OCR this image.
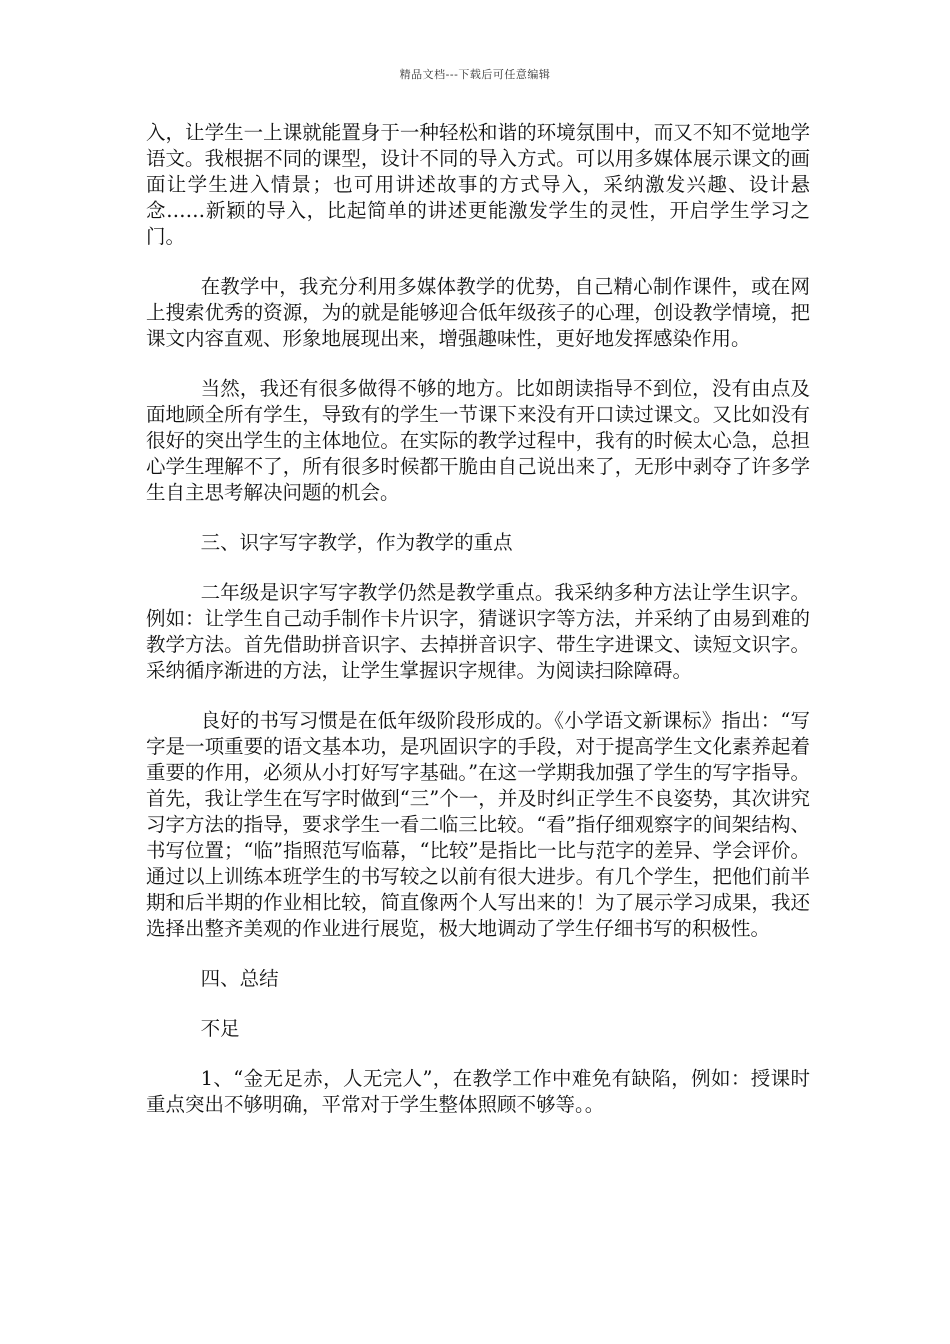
精品文档---下载后可任意编辑

入，让学生一上课就能置身于一种轻松和谐的环境氛围中，而又不知不觉地学语文。我根据不同的课型，设计不同的导入方式。可以用多媒体展示课文的画面让学生进入情景；也可用讲述故事的方式导入，采纳激发兴趣、设计悬念……新颖的导入，比起简单的讲述更能激发学生的灵性，开启学生学习之门。

在教学中，我充分利用多媒体教学的优势，自己精心制作课件，或在网上搜索优秀的资源，为的就是能够迎合低年级孩子的心理，创设教学情境，把课文内容直观、形象地展现出来，增强趣味性，更好地发挥感染作用。

当然，我还有很多做得不够的地方。比如朗读指导不到位，没有由点及面地顾全所有学生，导致有的学生一节课下来没有开口读过课文。又比如没有很好的突出学生的主体地位。在实际的教学过程中，我有的时候太心急，总担心学生理解不了，所有很多时候都干脆由自己说出来了，无形中剥夺了许多学生自主思考解决问题的机会。

三、识字写字教学，作为教学的重点

二年级是识字写字教学仍然是教学重点。我采纳多种方法让学生识字。例如：让学生自己动手制作卡片识字，猜谜识字等方法，并采纳了由易到难的教学方法。首先借助拼音识字、去掉拼音识字、带生字进课文、读短文识字。采纳循序渐进的方法，让学生掌握识字规律。为阅读扫除障碍。

良好的书写习惯是在低年级阶段形成的。《小学语文新课标》指出：“写字是一项重要的语文基本功，是巩固识字的手段，对于提高学生文化素养起着重要的作用，必须从小打好写字基础。”在这一学期我加强了学生的写字指导。首先，我让学生在写字时做到“三”个一，并及时纠正学生不良姿势，其次讲究习字方法的指导，要求学生一看二临三比较。“看”指仔细观察字的间架结构、书写位置；“临”指照范写临幕，“比较”是指比一比与范字的差异、学会评价。通过以上训练本班学生的书写较之以前有很大进步。有几个学生，把他们前半期和后半期的作业相比较，简直像两个人写出来的！为了展示学习成果，我还选择出整齐美观的作业进行展览，极大地调动了学生仔细书写的积极性。

四、总结

不足

1、“金无足赤，人无完人”，在教学工作中难免有缺陷，例如：授课时重点突出不够明确，平常对于学生整体照顾不够等。。
